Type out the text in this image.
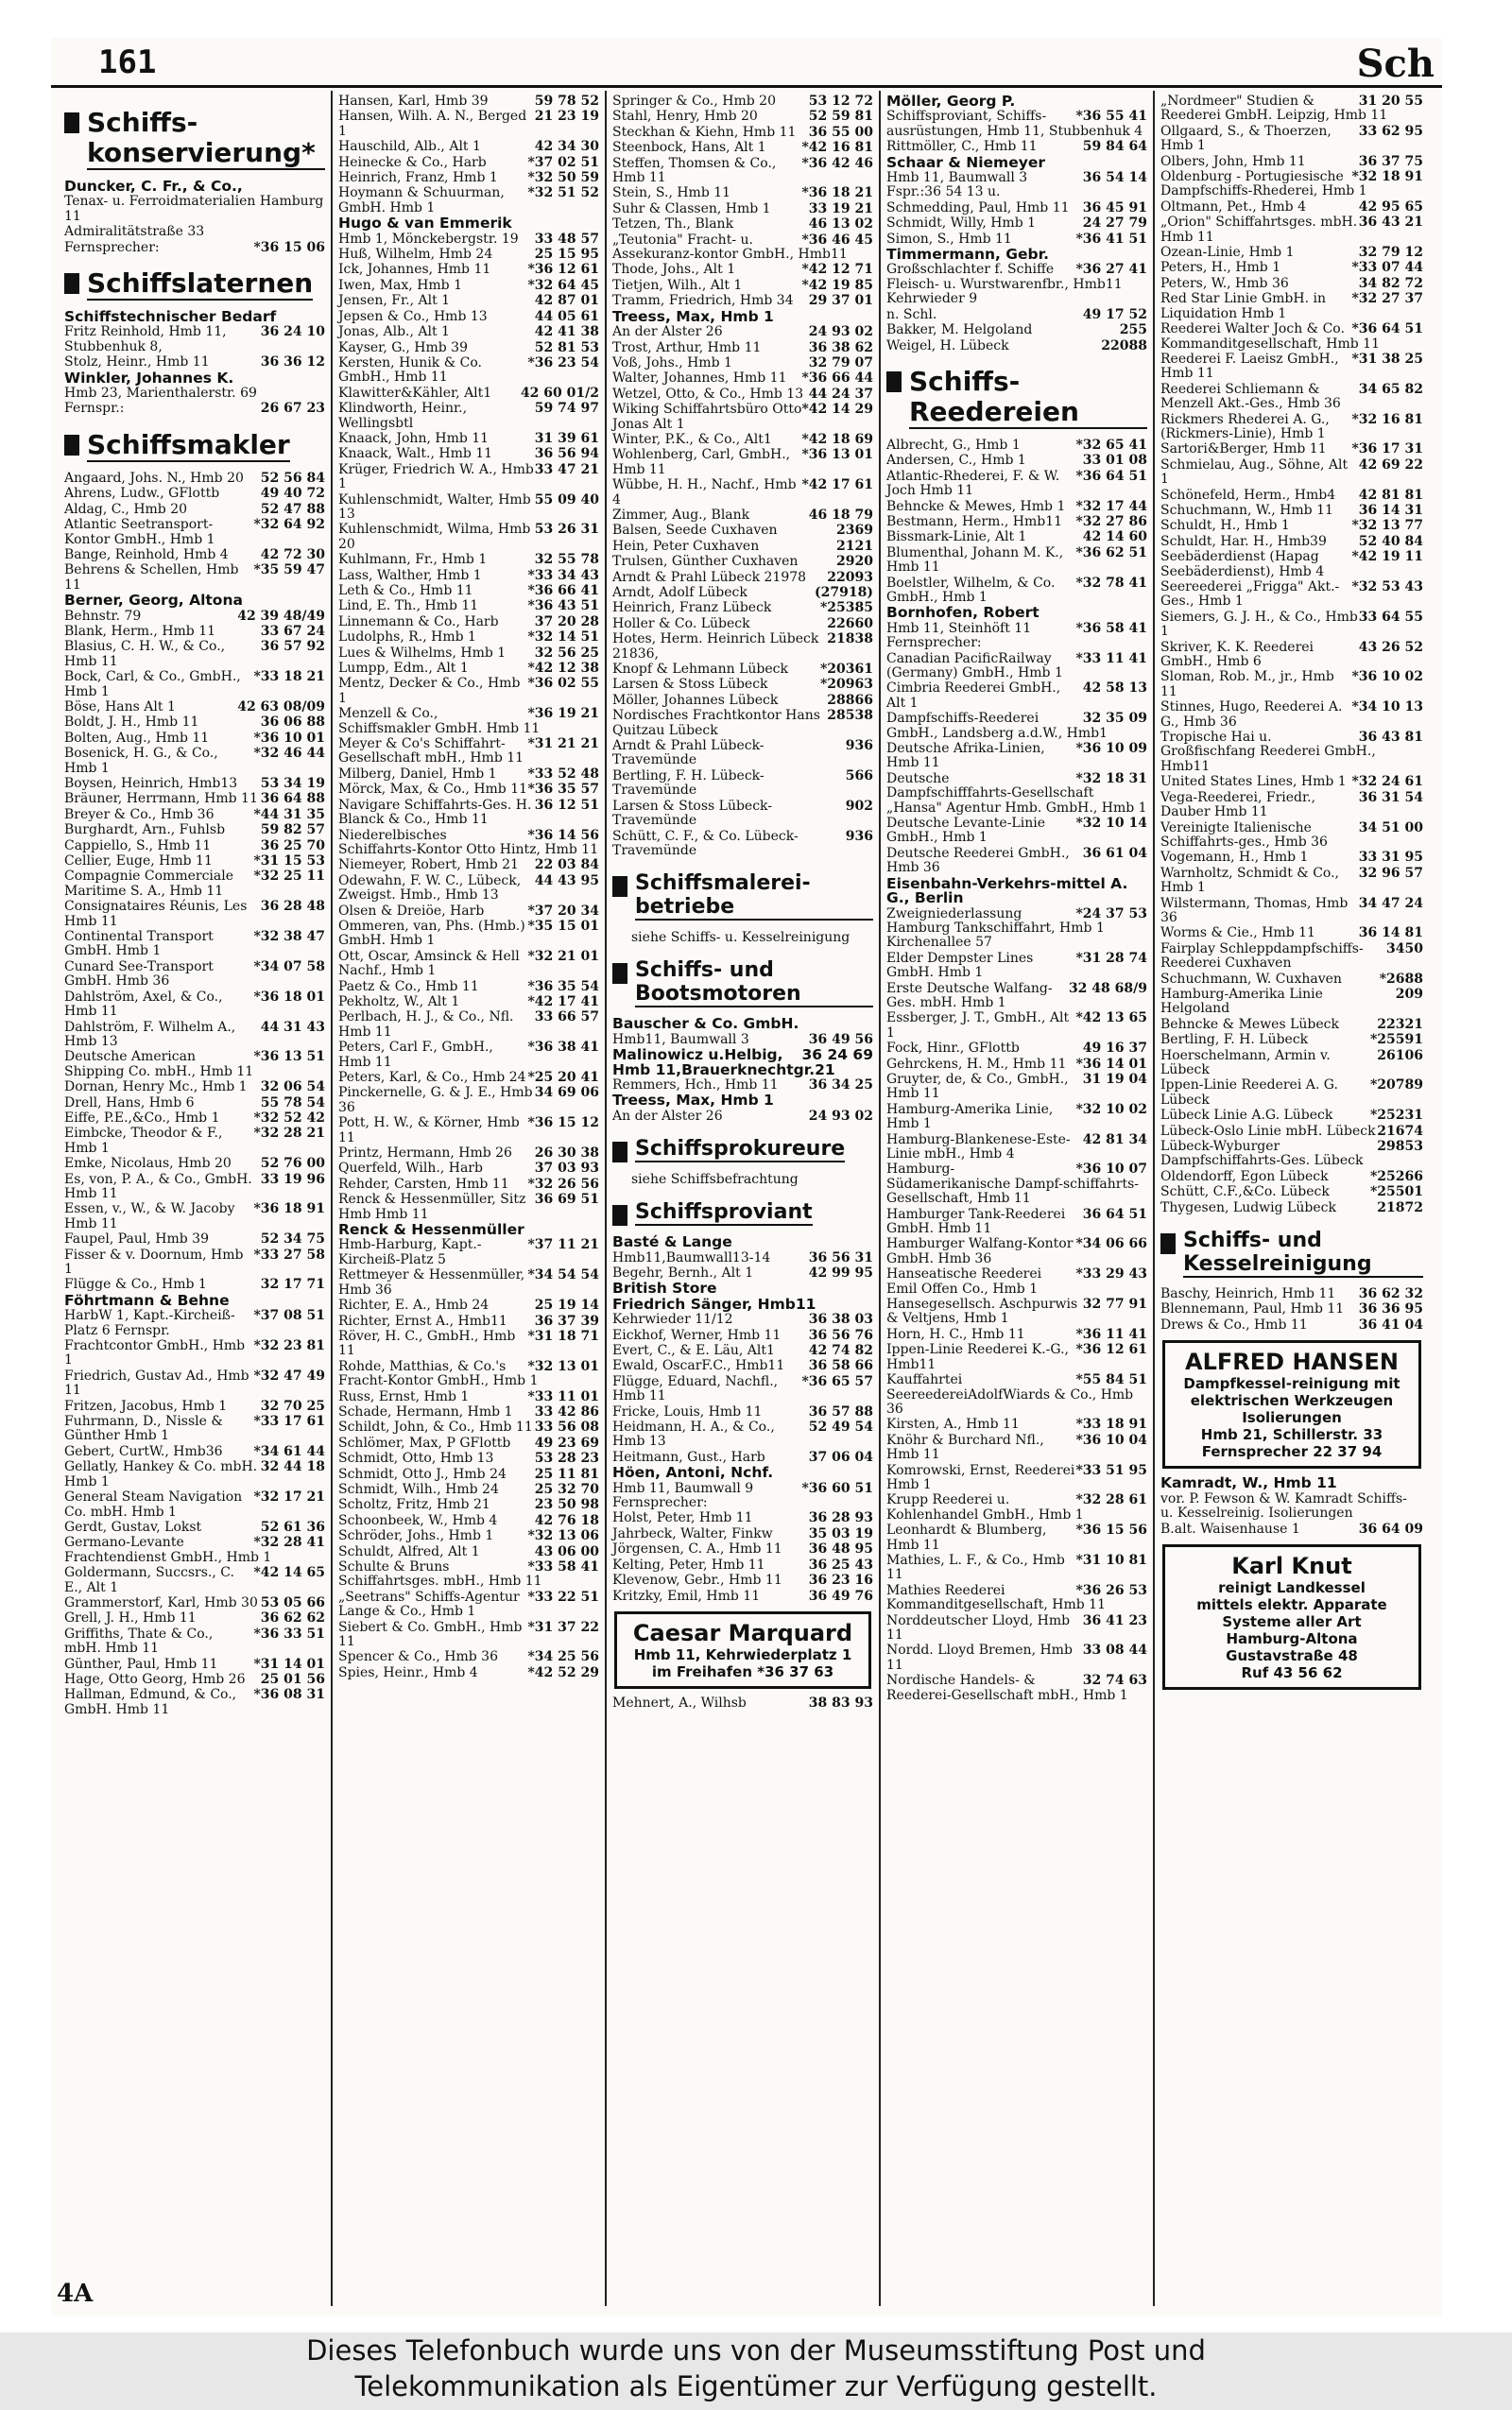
161	Sch
Schiffs-konservierung*
Duncker, C. Fr., & Co.,
Tenax- u. Ferroidmaterialien Hamburg 11
Admiralitätstraße 33
*36 15 06
Fernsprecher:
Schiffslaternen
Schiffstechnischer Bedarf
36 24 10
Fritz Reinhold, Hmb 11, Stubbenhuk 8,
36 36 12
Stolz, Heinr., Hmb 11
Winkler, Johannes K.
Hmb 23, Marienthalerstr. 69
26 67 23
Fernspr.:
Schiffsmakler
52 56 84
Angaard, Johs. N., Hmb 20
49 40 72
Ahrens, Ludw., GFlottb
52 47 88
Aldag, C., Hmb 20
*32 64 92
Atlantic Seetransport-Kontor GmbH., Hmb 1
42 72 30
Bange, Reinhold, Hmb 4
*35 59 47
Behrens & Schellen, Hmb 11
Berner, Georg, Altona
42 39 48/49
Behnstr. 79
33 67 24
Blank, Herm., Hmb 11
36 57 92
Blasius, C. H. W., & Co., Hmb 11
*33 18 21
Bock, Carl, & Co., GmbH., Hmb 1
42 63 08/09
Böse, Hans Alt 1
36 06 88
Boldt, J. H., Hmb 11
*36 10 01
Bolten, Aug., Hmb 11
*32 46 44
Bosenick, H. G., & Co., Hmb 1
53 34 19
Boysen, Heinrich, Hmb13
36 64 88
Bräuner, Herrmann, Hmb 11
*44 31 35
Breyer & Co., Hmb 36
59 82 57
Burghardt, Arn., Fuhlsb
36 25 70
Cappiello, S., Hmb 11
*31 15 53
Cellier, Euge, Hmb 11
*32 25 11
Compagnie Commerciale Maritime S. A., Hmb 11
36 28 48
Consignataires Réunis, Les Hmb 11
*32 38 47
Continental Transport GmbH. Hmb 1
*34 07 58
Cunard See-Transport GmbH. Hmb 36
*36 18 01
Dahlström, Axel, & Co., Hmb 11
44 31 43
Dahlström, F. Wilhelm A., Hmb 13
*36 13 51
Deutsche American Shipping Co. mbH., Hmb 11
32 06 54
Dornan, Henry Mc., Hmb 1
55 78 54
Drell, Hans, Hmb 6
*32 52 42
Eiffe, P.E.,&Co., Hmb 1
*32 28 21
Eimbcke, Theodor & F., Hmb 1
52 76 00
Emke, Nicolaus, Hmb 20
33 19 96
Es, von, P. A., & Co., GmbH. Hmb 11
*36 18 91
Essen, v., W., & W. Jacoby Hmb 11
52 34 75
Faupel, Paul, Hmb 39
*33 27 58
Fisser & v. Doornum, Hmb 1
32 17 71
Flügge & Co., Hmb 1
Föhrtmann & Behne
*37 08 51
HarbW 1, Kapt.-Kircheiß-Platz 6 Fernspr.
*32 23 81
Frachtcontor GmbH., Hmb 1
*32 47 49
Friedrich, Gustav Ad., Hmb 11
32 70 25
Fritzen, Jacobus, Hmb 1
*33 17 61
Fuhrmann, D., Nissle & Günther Hmb 1
*34 61 44
Gebert, CurtW., Hmb36
32 44 18
Gellatly, Hankey & Co. mbH. Hmb 1
*32 17 21
General Steam Navigation Co. mbH. Hmb 1
52 61 36
Gerdt, Gustav, Lokst
*32 28 41
Germano-Levante Frachtendienst GmbH., Hmb 1
*42 14 65
Goldermann, Succsrs., C. E., Alt 1
53 05 66
Grammerstorf, Karl, Hmb 30
36 62 62
Grell, J. H., Hmb 11
*36 33 51
Griffiths, Thate & Co., mbH. Hmb 11
*31 14 01
Günther, Paul, Hmb 11
25 01 56
Hage, Otto Georg, Hmb 26
*36 08 31
Hallman, Edmund, & Co., GmbH. Hmb 11
59 78 52
Hansen, Karl, Hmb 39
21 23 19
Hansen, Wilh. A. N., Berged 1
42 34 30
Hauschild, Alb., Alt 1
*37 02 51
Heinecke & Co., Harb
*32 50 59
Heinrich, Franz, Hmb 1
*32 51 52
Hoymann & Schuurman, GmbH. Hmb 1
Hugo & van Emmerik
33 48 57
Hmb 1, Mönckebergstr. 19
25 15 95
Huß, Wilhelm, Hmb 24
*36 12 61
Ick, Johannes, Hmb 11
*32 64 45
Iwen, Max, Hmb 1
42 87 01
Jensen, Fr., Alt 1
44 05 61
Jepsen & Co., Hmb 13
42 41 38
Jonas, Alb., Alt 1
52 81 53
Kayser, G., Hmb 39
*36 23 54
Kersten, Hunik & Co. GmbH., Hmb 11
42 60 01/2
Klawitter&Kähler, Alt1
59 74 97
Klindworth, Heinr., Wellingsbtl
31 39 61
Knaack, John, Hmb 11
36 56 94
Knaack, Walt., Hmb 11
33 47 21
Krüger, Friedrich W. A., Hmb 1
55 09 40
Kuhlenschmidt, Walter, Hmb 13
53 26 31
Kuhlenschmidt, Wilma, Hmb 20
32 55 78
Kuhlmann, Fr., Hmb 1
*33 34 43
Lass, Walther, Hmb 1
*36 66 41
Leth & Co., Hmb 11
*36 43 51
Lind, E. Th., Hmb 11
37 20 28
Linnemann & Co., Harb
*32 14 51
Ludolphs, R., Hmb 1
32 56 25
Lues & Wilhelms, Hmb 1
*42 12 38
Lumpp, Edm., Alt 1
*36 02 55
Mentz, Decker & Co., Hmb 1
*36 19 21
Menzell & Co., Schiffsmakler GmbH. Hmb 11
*31 21 21
Meyer & Co's Schiffahrt-Gesellschaft mbH., Hmb 11
*33 52 48
Milberg, Daniel, Hmb 1
*36 35 57
Mörck, Max, & Co., Hmb 11
36 12 51
Navigare Schiffahrts-Ges. H. Blanck & Co., Hmb 11
*36 14 56
Niederelbisches Schiffahrts-Kontor Otto Hintz, Hmb 11
22 03 84
Niemeyer, Robert, Hmb 21
44 43 95
Odewahn, F. W. C., Lübeck, Zweigst. Hmb., Hmb 13
*37 20 34
Olsen & Dreiöe, Harb
*35 15 01
Ommeren, van, Phs. (Hmb.) GmbH. Hmb 1
*32 21 01
Ott, Oscar, Amsinck & Hell Nachf., Hmb 1
*36 35 54
Paetz & Co., Hmb 11
*42 17 41
Pekholtz, W., Alt 1
33 66 57
Perlbach, H. J., & Co., Nfl. Hmb 11
*36 38 41
Peters, Carl F., GmbH., Hmb 11
*25 20 41
Peters, Karl, & Co., Hmb 24
34 69 06
Pinckernelle, G. & J. E., Hmb 36
*36 15 12
Pott, H. W., & Körner, Hmb 11
26 30 38
Printz, Hermann, Hmb 26
37 03 93
Querfeld, Wilh., Harb
*32 26 56
Rehder, Carsten, Hmb 11
36 69 51
Renck & Hessenmüller, Sitz Hmb Hmb 11
Renck & Hessenmüller
*37 11 21
Hmb-Harburg, Kapt.-Kircheiß-Platz 5
*34 54 54
Rettmeyer & Hessenmüller, Hmb 36
25 19 14
Richter, E. A., Hmb 24
36 37 39
Richter, Ernst A., Hmb11
*31 18 71
Röver, H. C., GmbH., Hmb 11
*32 13 01
Rohde, Matthias, & Co.'s Fracht-Kontor GmbH., Hmb 1
*33 11 01
Russ, Ernst, Hmb 1
33 42 86
Schade, Hermann, Hmb 1
33 56 08
Schildt, John, & Co., Hmb 11
49 23 69
Schlömer, Max, P GFlottb
53 28 23
Schmidt, Otto, Hmb 13
25 11 81
Schmidt, Otto J., Hmb 24
25 32 70
Schmidt, Wilh., Hmb 24
23 50 98
Scholtz, Fritz, Hmb 21
42 76 18
Schoonbeek, W., Hmb 4
*32 13 06
Schröder, Johs., Hmb 1
43 06 00
Schuldt, Alfred, Alt 1
*33 58 41
Schulte & Bruns Schiffahrtsges. mbH., Hmb 11
*33 22 51
„Seetrans" Schiffs-Agentur Lange & Co., Hmb 1
*31 37 22
Siebert & Co. GmbH., Hmb 11
*34 25 56
Spencer & Co., Hmb 36
*42 52 29
Spies, Heinr., Hmb 4
53 12 72
Springer & Co., Hmb 20
52 59 81
Stahl, Henry, Hmb 20
36 55 00
Steckhan & Kiehn, Hmb 11
*42 16 81
Steenbock, Hans, Alt 1
*36 42 46
Steffen, Thomsen & Co., Hmb 11
*36 18 21
Stein, S., Hmb 11
33 19 21
Suhr & Classen, Hmb 1
46 13 02
Tetzen, Th., Blank
*36 46 45
„Teutonia" Fracht- u. Assekuranz-kontor GmbH., Hmb11
*42 12 71
Thode, Johs., Alt 1
*42 19 85
Tietjen, Wilh., Alt 1
29 37 01
Tramm, Friedrich, Hmb 34
Treess, Max, Hmb 1
24 93 02
An der Alster 26
36 38 62
Trost, Arthur, Hmb 11
32 79 07
Voß, Johs., Hmb 1
*36 66 44
Walter, Johannes, Hmb 11
44 24 37
Wetzel, Otto, & Co., Hmb 13
*42 14 29
Wiking Schiffahrtsbüro Otto Jonas Alt 1
*42 18 69
Winter, P.K., & Co., Alt1
*36 13 01
Wohlenberg, Carl, GmbH., Hmb 11
*42 17 61
Wübbe, H. H., Nachf., Hmb 4
46 18 79
Zimmer, Aug., Blank
2369
Balsen, Seede Cuxhaven
2121
Hein, Peter Cuxhaven
2920
Trulsen, Günther Cuxhaven
22093
Arndt & Prahl Lübeck 21978
(27918)
Arndt, Adolf Lübeck
*25385
Heinrich, Franz Lübeck
22660
Holler & Co. Lübeck
21838
Hotes, Herm. Heinrich Lübeck 21836,
*20361
Knopf & Lehmann Lübeck
*20963
Larsen & Stoss Lübeck
28866
Möller, Johannes Lübeck
28538
Nordisches Frachtkontor Hans Quitzau Lübeck
936
Arndt & Prahl Lübeck-Travemünde
566
Bertling, F. H. Lübeck-Travemünde
902
Larsen & Stoss Lübeck-Travemünde
936
Schütt, C. F., & Co. Lübeck-Travemünde
Schiffsmalerei-betriebe
siehe Schiffs- u. Kesselreinigung
Schiffs- und Bootsmotoren
Bauscher & Co. GmbH.
36 49 56
Hmb11, Baumwall 3
36 24 69
Malinowicz u.Helbig, Hmb 11,Brauerknechtgr.21
36 34 25
Remmers, Hch., Hmb 11
Treess, Max, Hmb 1
24 93 02
An der Alster 26
Schiffsprokureure
siehe Schiffsbefrachtung
Schiffsproviant
Basté & Lange
36 56 31
Hmb11,Baumwall13-14
42 99 95
Begehr, Bernh., Alt 1
British Store
Friedrich Sänger, Hmb11
36 38 03
Kehrwieder 11/12
36 56 76
Eickhof, Werner, Hmb 11
42 74 82
Evert, C., & E. Läu, Alt1
36 58 66
Ewald, OscarF.C., Hmb11
*36 65 57
Flügge, Eduard, Nachfl., Hmb 11
36 57 88
Fricke, Louis, Hmb 11
52 49 54
Heidmann, H. A., & Co., Hmb 13
37 06 04
Heitmann, Gust., Harb
Höen, Antoni, Nchf.
*36 60 51
Hmb 11, Baumwall 9 Fernsprecher:
36 28 93
Holst, Peter, Hmb 11
35 03 19
Jahrbeck, Walter, Finkw
36 48 95
Jörgensen, C. A., Hmb 11
36 25 43
Kelting, Peter, Hmb 11
36 23 16
Klevenow, Gebr., Hmb 11
36 49 76
Kritzky, Emil, Hmb 11
Caesar Marquard
Hmb 11, Kehrwiederplatz 1
im Freihafen *36 37 63
38 83 93
Mehnert, A., Wilhsb
Möller, Georg P.
*36 55 41
Schiffsproviant, Schiffs-ausrüstungen, Hmb 11, Stubbenhuk 4
59 84 64
Rittmöller, C., Hmb 11
Schaar & Niemeyer
36 54 14
Hmb 11, Baumwall 3 Fspr.:36 54 13 u.
36 45 91
Schmedding, Paul, Hmb 11
24 27 79
Schmidt, Willy, Hmb 1
*36 41 51
Simon, S., Hmb 11
Timmermann, Gebr.
*36 27 41
Großschlachter f. Schiffe Fleisch- u. Wurstwarenfbr., Hmb11 Kehrwieder 9
49 17 52
n. Schl.
255
Bakker, M. Helgoland
22088
Weigel, H. Lübeck
Schiffs-Reedereien
*32 65 41
Albrecht, G., Hmb 1
33 01 08
Andersen, C., Hmb 1
*36 64 51
Atlantic-Rhederei, F. & W. Joch Hmb 11
*32 17 44
Behncke & Mewes, Hmb 1
*32 27 86
Bestmann, Herm., Hmb11
42 14 60
Bissmark-Linie, Alt 1
*36 62 51
Blumenthal, Johann M. K., Hmb 11
*32 78 41
Boelstler, Wilhelm, & Co. GmbH., Hmb 1
Bornhofen, Robert
*36 58 41
Hmb 11, Steinhöft 11 Fernsprecher:
*33 11 41
Canadian PacificRailway (Germany) GmbH., Hmb 1
42 58 13
Cimbria Reederei GmbH., Alt 1
32 35 09
Dampfschiffs-Reederei GmbH., Landsberg a.d.W., Hmb1
*36 10 09
Deutsche Afrika-Linien, Hmb 11
*32 18 31
Deutsche Dampfschifffahrts-Gesellschaft „Hansa" Agentur Hmb. GmbH., Hmb 1
*32 10 14
Deutsche Levante-Linie GmbH., Hmb 1
36 61 04
Deutsche Reederei GmbH., Hmb 36
Eisenbahn-Verkehrs-mittel A. G., Berlin
*24 37 53
Zweigniederlassung Hamburg Tankschiffahrt, Hmb 1 Kirchenallee 57
*31 28 74
Elder Dempster Lines GmbH. Hmb 1
32 48 68/9
Erste Deutsche Walfang-Ges. mbH. Hmb 1
*42 13 65
Essberger, J. T., GmbH., Alt 1
49 16 37
Fock, Hinr., GFlottb
*36 14 01
Gehrckens, H. M., Hmb 11
31 19 04
Gruyter, de, & Co., GmbH., Hmb 11
*32 10 02
Hamburg-Amerika Linie, Hmb 1
42 81 34
Hamburg-Blankenese-Este-Linie mbH., Hmb 4
*36 10 07
Hamburg-Südamerikanische Dampf-schiffahrts-Gesellschaft, Hmb 11
36 64 51
Hamburger Tank-Reederei GmbH. Hmb 11
*34 06 66
Hamburger Walfang-Kontor GmbH. Hmb 36
*33 29 43
Hanseatische Reederei Emil Offen Co., Hmb 1
32 77 91
Hansegesellsch. Aschpurwis & Veltjens, Hmb 1
*36 11 41
Horn, H. C., Hmb 11
*36 12 61
Ippen-Linie Reederei K.-G., Hmb11
*55 84 51
Kauffahrtei SeereedereiAdolfWiards & Co., Hmb 36
*33 18 91
Kirsten, A., Hmb 11
*36 10 04
Knöhr & Burchard Nfl., Hmb 11
*33 51 95
Komrowski, Ernst, Reederei Hmb 1
*32 28 61
Krupp Reederei u. Kohlenhandel GmbH., Hmb 1
*36 15 56
Leonhardt & Blumberg, Hmb 11
*31 10 81
Mathies, L. F., & Co., Hmb 11
*36 26 53
Mathies Reederei Kommanditgesellschaft, Hmb 11
36 41 23
Norddeutscher Lloyd, Hmb 11
33 08 44
Nordd. Lloyd Bremen, Hmb 11
32 74 63
Nordische Handels- & Reederei-Gesellschaft mbH., Hmb 1
31 20 55
„Nordmeer" Studien & Reederei GmbH. Leipzig, Hmb 11
33 62 95
Ollgaard, S., & Thoerzen, Hmb 1
36 37 75
Olbers, John, Hmb 11
*32 18 91
Oldenburg - Portugiesische Dampfschiffs-Rhederei, Hmb 1
42 95 65
Oltmann, Pet., Hmb 4
36 43 21
„Orion" Schiffahrtsges. mbH. Hmb 11
32 79 12
Ozean-Linie, Hmb 1
*33 07 44
Peters, H., Hmb 1
34 82 72
Peters, W., Hmb 36
*32 27 37
Red Star Linie GmbH. in Liquidation Hmb 1
*36 64 51
Reederei Walter Joch & Co. Kommanditgesellschaft, Hmb 11
*31 38 25
Reederei F. Laeisz GmbH., Hmb 11
34 65 82
Reederei Schliemann & Menzell Akt.-Ges., Hmb 36
*32 16 81
Rickmers Rhederei A. G., (Rickmers-Linie), Hmb 1
*36 17 31
Sartori&Berger, Hmb 11
42 69 22
Schmielau, Aug., Söhne, Alt 1
42 81 81
Schönefeld, Herm., Hmb4
36 14 31
Schuchmann, W., Hmb 11
*32 13 77
Schuldt, H., Hmb 1
52 40 84
Schuldt, Har. H., Hmb39
*42 19 11
Seebäderdienst (Hapag Seebäderdienst), Hmb 4
*32 53 43
Seereederei „Frigga" Akt.-Ges., Hmb 1
33 64 55
Siemers, G. J. H., & Co., Hmb 1
43 26 52
Skriver, K. K. Reederei GmbH., Hmb 6
*36 10 02
Sloman, Rob. M., jr., Hmb 11
*34 10 13
Stinnes, Hugo, Reederei A. G., Hmb 36
36 43 81
Tropische Hai u. Großfischfang Reederei GmbH., Hmb11
*32 24 61
United States Lines, Hmb 1
36 31 54
Vega-Reederei, Friedr., Dauber Hmb 11
34 51 00
Vereinigte Italienische Schiffahrts-ges., Hmb 36
33 31 95
Vogemann, H., Hmb 1
32 96 57
Warnholtz, Schmidt & Co., Hmb 1
34 47 24
Wilstermann, Thomas, Hmb 36
36 14 81
Worms & Cie., Hmb 11
3450
Fairplay Schleppdampfschiffs-Reederei Cuxhaven
*2688
Schuchmann, W. Cuxhaven
209
Hamburg-Amerika Linie Helgoland
22321
Behncke & Mewes Lübeck
*25591
Bertling, F. H. Lübeck
26106
Hoerschelmann, Armin v. Lübeck
*20789
Ippen-Linie Reederei A. G. Lübeck
*25231
Lübeck Linie A.G. Lübeck
21674
Lübeck-Oslo Linie mbH. Lübeck
29853
Lübeck-Wyburger Dampfschiffahrts-Ges. Lübeck
*25266
Oldendorff, Egon Lübeck
*25501
Schütt, C.F.,&Co. Lübeck
21872
Thygesen, Ludwig Lübeck
Schiffs- und Kesselreinigung
36 62 32
Baschy, Heinrich, Hmb 11
36 36 95
Blennemann, Paul, Hmb 11
36 41 04
Drews & Co., Hmb 11
ALFRED HANSEN
Dampfkessel-reinigung mit
elektrischen Werkzeugen
Isolierungen
Hmb 21, Schillerstr. 33
Fernsprecher 22 37 94
Kamradt, W., Hmb 11
vor. P. Fewson & W. Kamradt Schiffs- u. Kesselreinig. Isolierungen
36 64 09
B.alt. Waisenhause 1
Karl Knut
reinigt Landkessel
mittels elektr. Apparate
Systeme aller Art
Hamburg-Altona
Gustavstraße 48
Ruf 43 56 62
4A
Dieses Telefonbuch wurde uns von der Museumsstiftung Post und
Telekommunikation als Eigentümer zur Verfügung gestellt.
